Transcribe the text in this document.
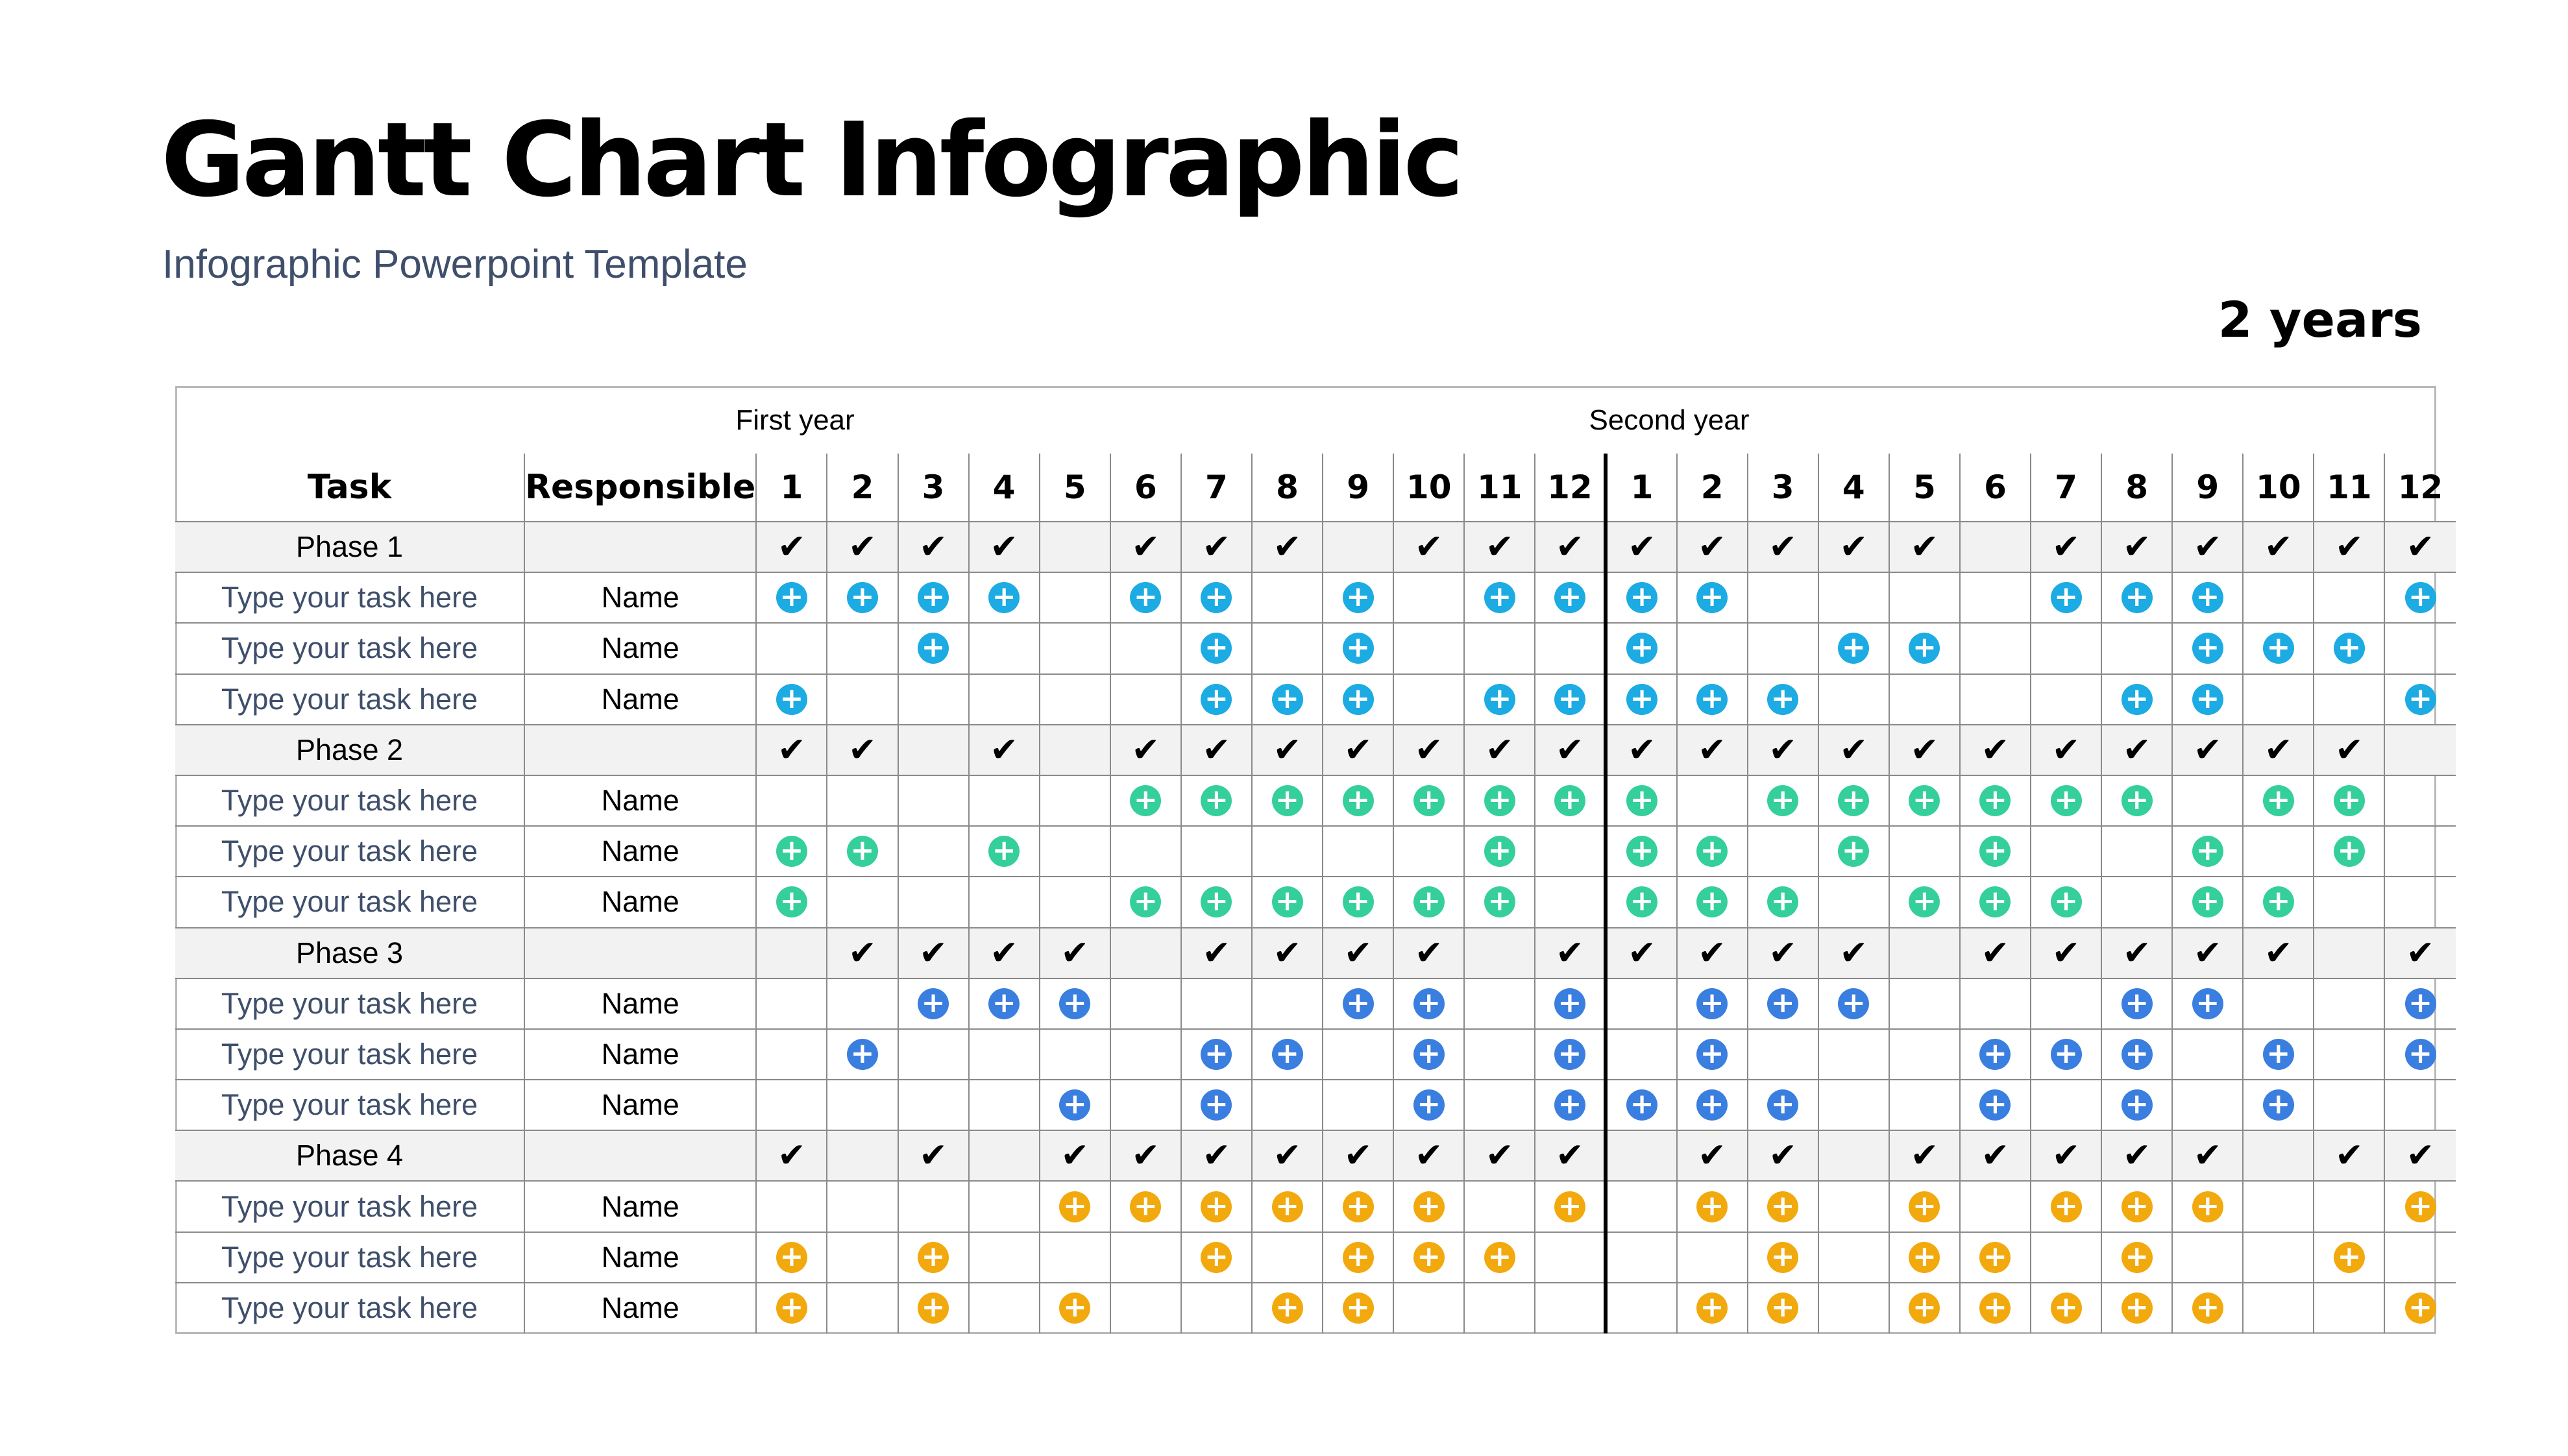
Gantt Chart Infographic
Infographic Powerpoint Template
2 years
First year	Second year
Task	Responsible	1	2	3	4	5	6	7	8	9	10	11	12	1	2	3	4	5	6	7	8	9	10	11	12
Phase 1		✔	✔	✔	✔		✔	✔	✔		✔	✔	✔	✔	✔	✔	✔	✔		✔	✔	✔	✔	✔	✔
Type your task here	Name	+	+	+	+		+	+		+		+	+	+	+					+	+	+			+
Type your task here	Name			+				+		+				+			+	+				+	+	+	
Type your task here	Name	+						+	+	+		+	+	+	+	+					+	+			+
Phase 2		✔	✔		✔		✔	✔	✔	✔	✔	✔	✔	✔	✔	✔	✔	✔	✔	✔	✔	✔	✔	✔	
Type your task here	Name						+	+	+	+	+	+	+	+		+	+	+	+	+	+		+	+	
Type your task here	Name	+	+		+							+		+	+		+		+			+		+	
Type your task here	Name	+					+	+	+	+	+	+		+	+	+		+	+	+		+	+		
Phase 3			✔	✔	✔	✔		✔	✔	✔	✔		✔	✔	✔	✔	✔		✔	✔	✔	✔	✔		✔
Type your task here	Name			+	+	+				+	+		+		+	+	+				+	+			+
Type your task here	Name		+					+	+		+		+		+				+	+	+		+		+
Type your task here	Name					+		+			+		+	+	+	+			+		+		+		
Phase 4		✔		✔		✔	✔	✔	✔	✔	✔	✔	✔		✔	✔		✔	✔	✔	✔	✔		✔	✔
Type your task here	Name					+	+	+	+	+	+		+		+	+		+		+	+	+			+
Type your task here	Name	+		+				+		+	+	+				+		+	+		+			+	
Type your task here	Name	+		+		+			+	+					+	+		+	+	+	+	+			+
